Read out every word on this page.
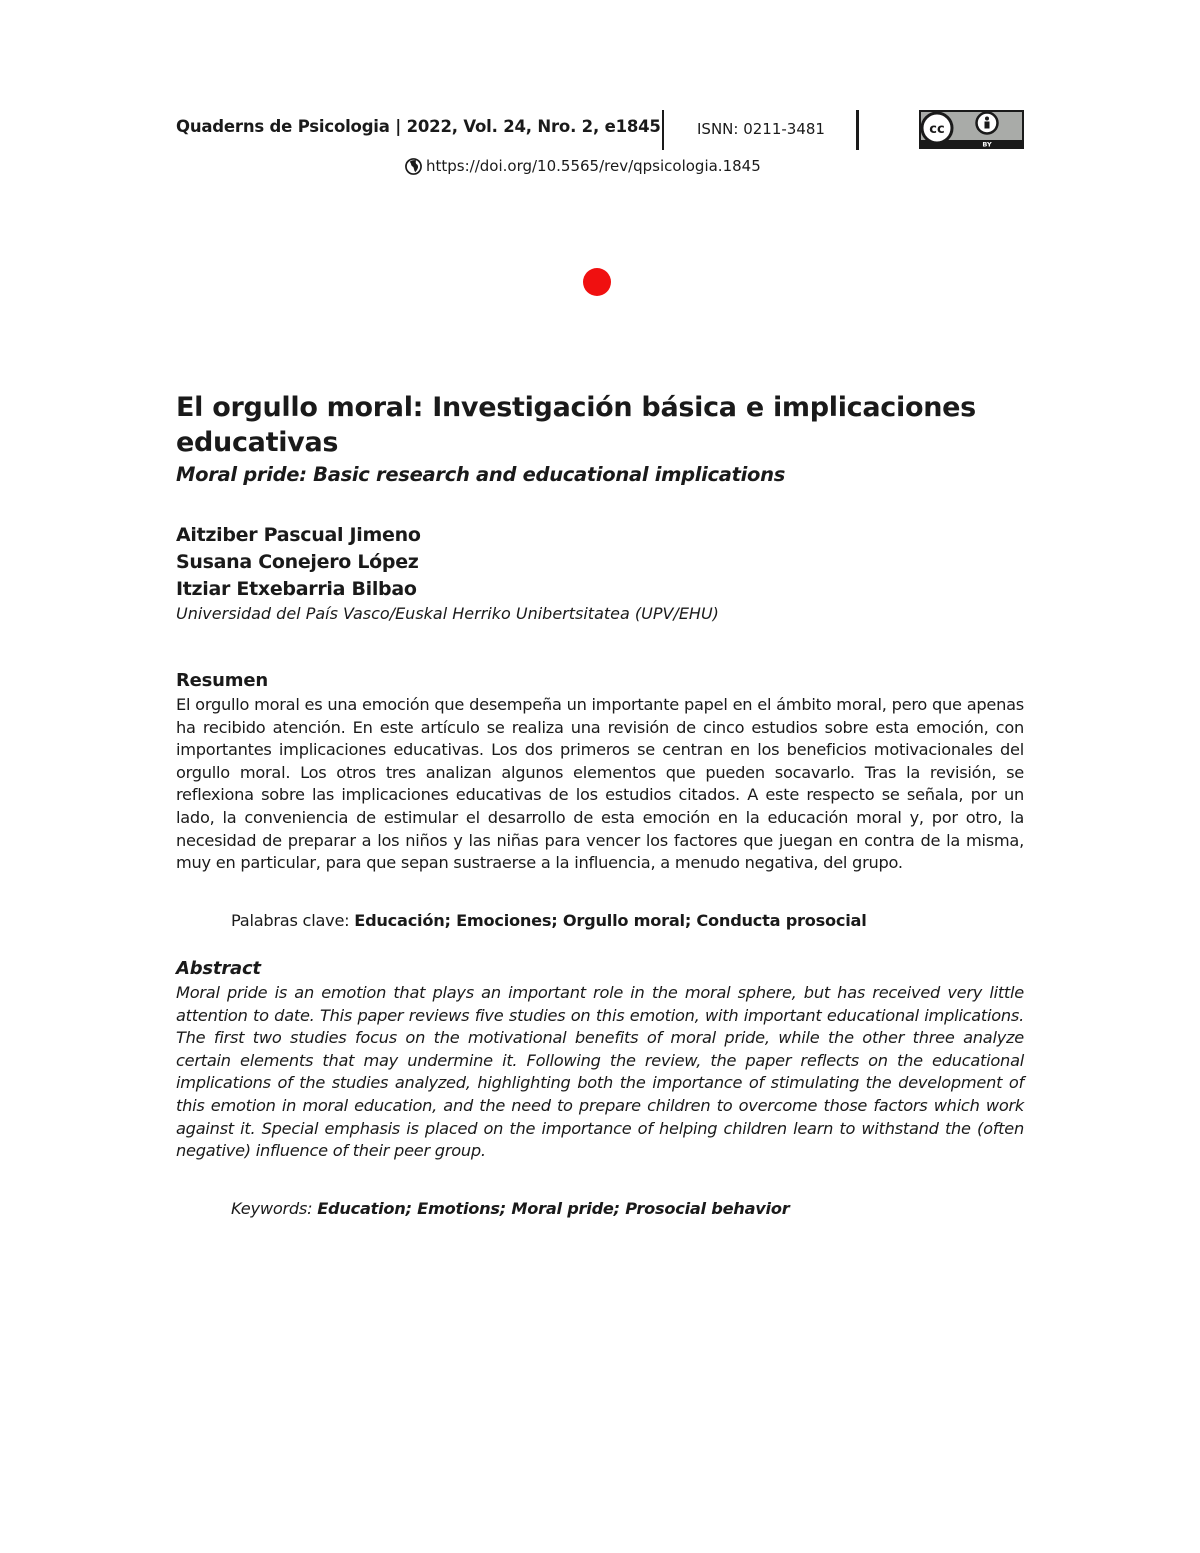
Quaderns de Psicologia | 2022, Vol. 24, Nro. 2, e1845 ISNN: 0211-3481	cc
BY
https://doi.org/10.5565/rev/qpsicologia.1845
El orgullo moral: Investigación básica e implicaciones educativas
Moral pride: Basic research and educational implications
Aitziber Pascual Jimeno
Susana Conejero López
Itziar Etxebarria Bilbao
Universidad del País Vasco/Euskal Herriko Unibertsitatea (UPV/EHU)
Resumen
El orgullo moral es una emoción que desempeña un importante papel en el ámbito moral, pero que apenas ha recibido atención. En este artículo se realiza una revisión de cinco estudios sobre esta emoción, con importantes implicaciones educativas. Los dos primeros se centran en los beneficios motivacionales del orgullo moral. Los otros tres analizan algunos elementos que pueden socavarlo. Tras la revisión, se reflexiona sobre las implicaciones educativas de los estudios citados. A este respecto se señala, por un lado, la conveniencia de estimular el desarrollo de esta emoción en la educación moral y, por otro, la necesidad de preparar a los niños y las niñas para vencer los factores que juegan en contra de la misma, muy en particular, para que sepan sustraerse a la influencia, a menudo negativa, del grupo.
Palabras clave: Educación; Emociones; Orgullo moral; Conducta prosocial
Abstract
Moral pride is an emotion that plays an important role in the moral sphere, but has received very little attention to date. This paper reviews five studies on this emotion, with important educational implications. The first two studies focus on the motivational benefits of moral pride, while the other three analyze certain elements that may undermine it. Following the review, the paper reflects on the educational implications of the studies analyzed, highlighting both the importance of stimulating the development of this emotion in moral education, and the need to prepare children to overcome those factors which work against it. Special emphasis is placed on the importance of helping children learn to withstand the (often negative) influence of their peer group.
Keywords: Education; Emotions; Moral pride; Prosocial behavior
